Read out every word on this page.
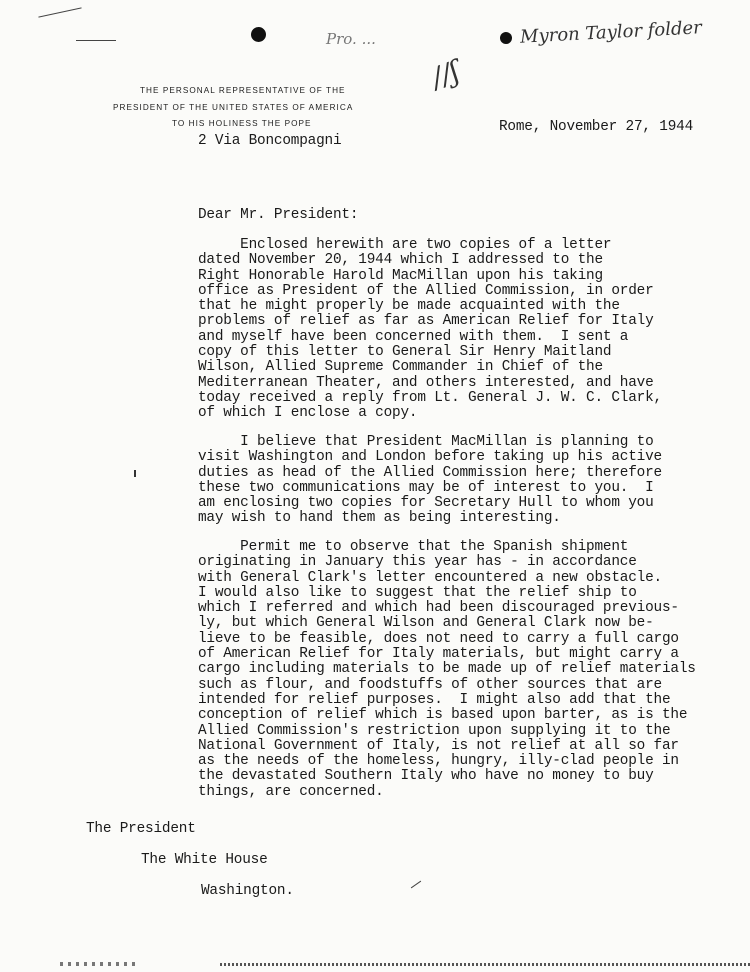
Pro. ...	Myron Taylor folder
∕∕ʃ
THE PERSONAL REPRESENTATIVE OF THE
PRESIDENT OF THE UNITED STATES OF AMERICA
TO HIS HOLINESS THE POPE
2 Via Boncompagni
Rome, November 27, 1944
Dear Mr. President:
Enclosed herewith are two copies of a letter
dated November 20, 1944 which I addressed to the
Right Honorable Harold MacMillan upon his taking
office as President of the Allied Commission, in order
that he might properly be made acquainted with the
problems of relief as far as American Relief for Italy
and myself have been concerned with them.  I sent a
copy of this letter to General Sir Henry Maitland
Wilson, Allied Supreme Commander in Chief of the
Mediterranean Theater, and others interested, and have
today received a reply from Lt. General J. W. C. Clark,
of which I enclose a copy.
I believe that President MacMillan is planning to
visit Washington and London before taking up his active
duties as head of the Allied Commission here; therefore
these two communications may be of interest to you.  I
am enclosing two copies for Secretary Hull to whom you
may wish to hand them as being interesting.
Permit me to observe that the Spanish shipment
originating in January this year has - in accordance
with General Clark's letter encountered a new obstacle.
I would also like to suggest that the relief ship to
which I referred and which had been discouraged previous-
ly, but which General Wilson and General Clark now be-
lieve to be feasible, does not need to carry a full cargo
of American Relief for Italy materials, but might carry a
cargo including materials to be made up of relief materials
such as flour, and foodstuffs of other sources that are
intended for relief purposes.  I might also add that the
conception of relief which is based upon barter, as is the
Allied Commission's restriction upon supplying it to the
National Government of Italy, is not relief at all so far
as the needs of the homeless, hungry, illy-clad people in
the devastated Southern Italy who have no money to buy
things, are concerned.
The President
The White House
Washington.
